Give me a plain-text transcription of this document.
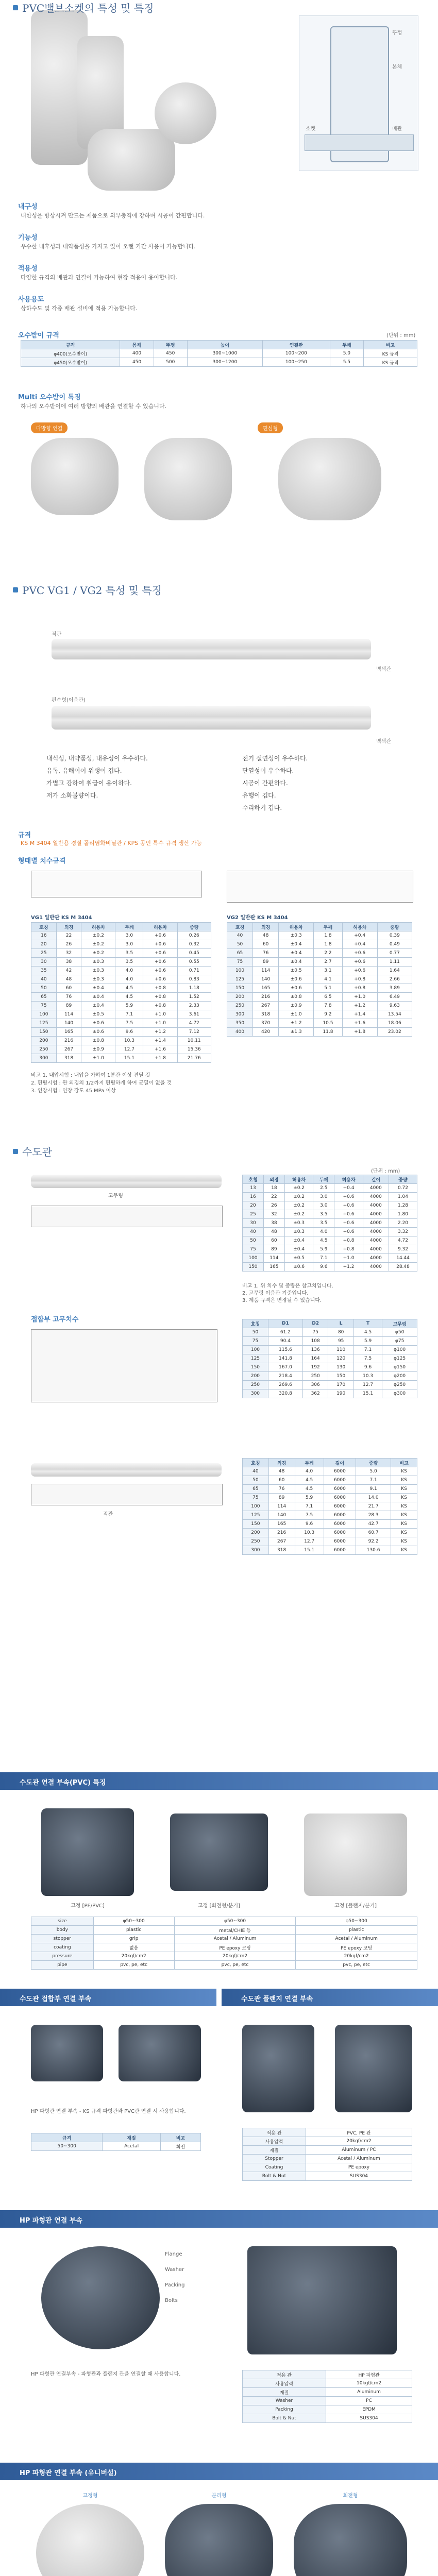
뚜껑
본체
배관
소켓
PVC밸브소켓의 특성 및 특징
내구성
내한성을 향상시켜 만드는 제품으로 외부충격에 강하며 시공이 간편합니다.
기능성
우수한 내후성과 내약품성을 가지고 있어 오랜 기간 사용이 가능합니다.
적용성
다양한 규격의 배관과 연결이 가능하여 현장 적용이 용이합니다.
사용용도
상하수도 및 각종 배관 설비에 적용 가능합니다.
오수받이 규격	(단위 : mm)
규격	몸체	뚜껑	높이	연결관	두께	비고
φ400(오수받이)	400	450	300~1000	100~200	5.0	KS 규격
φ450(오수받이)	450	500	300~1200	100~250	5.5	KS 규격
Multi 오수받이 특징
하나의 오수받이에 여러 방향의 배관을 연결할 수 있습니다.
다방향 연결	편심형
PVC VG1 / VG2 특성 및 특징
직관
백색관
편수형(이음관)
백색관
내식성, 내약품성, 내유성이 우수하다.
유독, 유해이어 위생이 깁다.
가볍고 강하여 취급이 용이하다.
저가 소화불량이다.
전기 절연성이 우수하다.
단열성이 우수하다.
시공이 간편하다.
유행이 깁다.
수리하기 깁다.
규격
KS M 3404 일반용 경질 폴리염화비닐관 / KPS 공인 특수 규격 생산 가능
형태별 치수규격
VG1 일반관 KS M 3404	VG2 일반관 KS M 3404
호칭	외경	허용차	두께	허용차	중량
16	22	±0.2	3.0	+0.6	0.26
20	26	±0.2	3.0	+0.6	0.32
25	32	±0.2	3.5	+0.6	0.45
30	38	±0.3	3.5	+0.6	0.55
35	42	±0.3	4.0	+0.6	0.71
40	48	±0.3	4.0	+0.6	0.83
50	60	±0.4	4.5	+0.8	1.18
65	76	±0.4	4.5	+0.8	1.52
75	89	±0.4	5.9	+0.8	2.33
100	114	±0.5	7.1	+1.0	3.61
125	140	±0.6	7.5	+1.0	4.72
150	165	±0.6	9.6	+1.2	7.12
200	216	±0.8	10.3	+1.4	10.11
250	267	±0.9	12.7	+1.6	15.36
300	318	±1.0	15.1	+1.8	21.76
호칭	외경	허용차	두께	허용차	중량
40	48	±0.3	1.8	+0.4	0.39
50	60	±0.4	1.8	+0.4	0.49
65	76	±0.4	2.2	+0.6	0.77
75	89	±0.4	2.7	+0.6	1.11
100	114	±0.5	3.1	+0.6	1.64
125	140	±0.6	4.1	+0.8	2.66
150	165	±0.6	5.1	+0.8	3.89
200	216	±0.8	6.5	+1.0	6.49
250	267	±0.9	7.8	+1.2	9.63
300	318	±1.0	9.2	+1.4	13.54
350	370	±1.2	10.5	+1.6	18.06
400	420	±1.3	11.8	+1.8	23.02
비고 1. 내압시험 : 내압을 가하여 1분간 이상 견딜 것
2. 편평시험 : 관 외경의 1/2까지 편평하게 하여 균열이 없을 것
3. 인장시험 : 인장 강도 45 MPa 이상
수도관
고무링
(단위 : mm)
호칭	외경	허용차	두께	허용차	길이	중량
13	18	±0.2	2.5	+0.4	4000	0.72
16	22	±0.2	3.0	+0.6	4000	1.04
20	26	±0.2	3.0	+0.6	4000	1.28
25	32	±0.2	3.5	+0.6	4000	1.80
30	38	±0.3	3.5	+0.6	4000	2.20
40	48	±0.3	4.0	+0.6	4000	3.32
50	60	±0.4	4.5	+0.8	4000	4.72
75	89	±0.4	5.9	+0.8	4000	9.32
100	114	±0.5	7.1	+1.0	4000	14.44
150	165	±0.6	9.6	+1.2	4000	28.48
비고 1. 위 치수 및 중량은 참고치입니다.
2. 고무링 이음관 기준입니다.
3. 제품 규격은 변경될 수 있습니다.
접합부 고무치수
호칭	D1	D2	L	T	고무링
50	61.2	75	80	4.5	φ50
75	90.4	108	95	5.9	φ75
100	115.6	136	110	7.1	φ100
125	141.8	164	120	7.5	φ125
150	167.0	192	130	9.6	φ150
200	218.4	250	150	10.3	φ200
250	269.6	306	170	12.7	φ250
300	320.8	362	190	15.1	φ300
직관
호칭	외경	두께	길이	중량	비고
40	48	4.0	6000	5.0	KS
50	60	4.5	6000	7.1	KS
65	76	4.5	6000	9.1	KS
75	89	5.9	6000	14.0	KS
100	114	7.1	6000	21.7	KS
125	140	7.5	6000	28.3	KS
150	165	9.6	6000	42.7	KS
200	216	10.3	6000	60.7	KS
250	267	12.7	6000	92.2	KS
300	318	15.1	6000	130.6	KS
수도관 연결 부속(PVC) 특징
고정 [PE/PVC]	고정 [회전형/분기]	고정 [플랜지/분기]
size	φ50~300	φ50~300	φ50~300
body	plastic	metal/CHIE 등	plastic
stopper	grip	Acetal / Aluminum	Acetal / Aluminum
coating	없음	PE epoxy 코팅	PE epoxy 코팅
pressure	20kgf/cm2	20kgf/cm2	20kgf/cm2
pipe	pvc, pe, etc	pvc, pe, etc	pvc, pe, etc
수도관 접합부 연결 부속	수도관 플랜지 연결 부속
HP 파형관 연결 부속 - KS 규격 파형관과 PVC관 연결 시 사용합니다.
규격	재질	비고
50~300	Acetal	회전
적용 관	PVC, PE 관
사용압력	20kgf/cm2
재질	Aluminum / PC
Stopper	Acetal / Aluminum
Coating	PE epoxy
Bolt & Nut	SUS304
HP 파형관 연결 부속
Flange
Washer
Packing
Bolts
HP 파형관 연결부속 - 파형관과 플랜지 관을 연결할 때 사용합니다.	적용 관	HP 파형관
사용압력	10kgf/cm2
재질	Aluminum
Washer	PC
Packing	EPDM
Bolt & Nut	SUS304
HP 파형관 연결 부속 (유니버설)
고정형	분리형	회전형
